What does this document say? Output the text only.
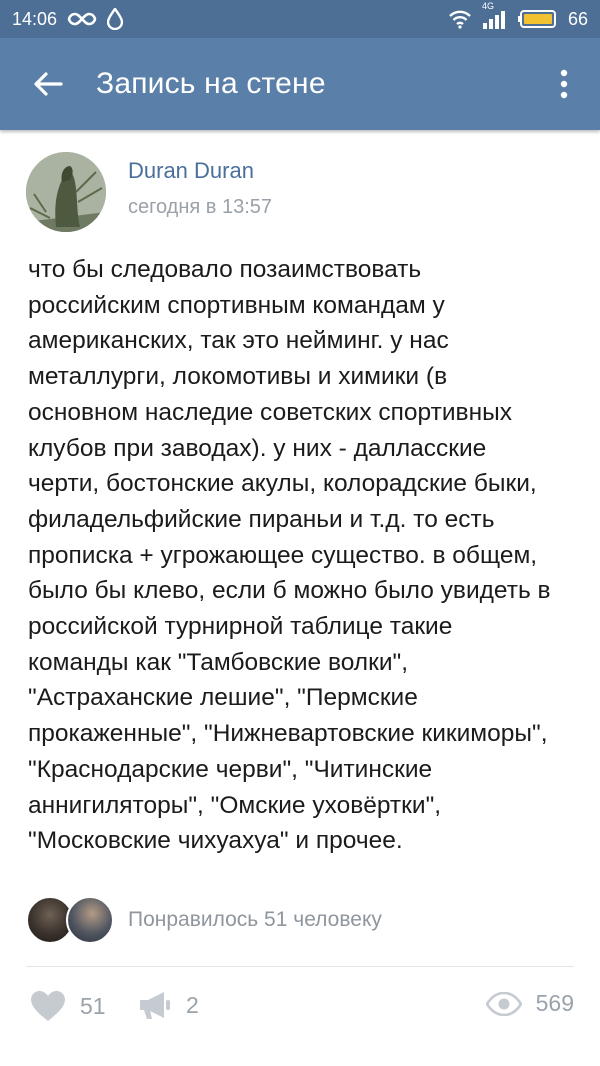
14:06
4G
66
Запись на стене
Duran Duran
сегодня в 13:57
что бы следовало позаимствовать
российским спортивным командам у
американских, так это нейминг. у нас
металлурги, локомотивы и химики (в
основном наследие советских спортивных
клубов при заводах). у них - далласские
черти, бостонские акулы, колорадские быки,
филадельфийские пираньи и т.д. то есть
прописка + угрожающее существо. в общем,
было бы клево, если б можно было увидеть в
российской турнирной таблице такие
команды как "Тамбовские волки",
"Астраханские лешие", "Пермские
прокаженные", "Нижневартовские кикиморы",
"Краснодарские черви", "Читинские
аннигиляторы", "Омские уховёртки",
"Московские чихуахуа" и прочее.
Понравилось 51 человеку
51	2	569
